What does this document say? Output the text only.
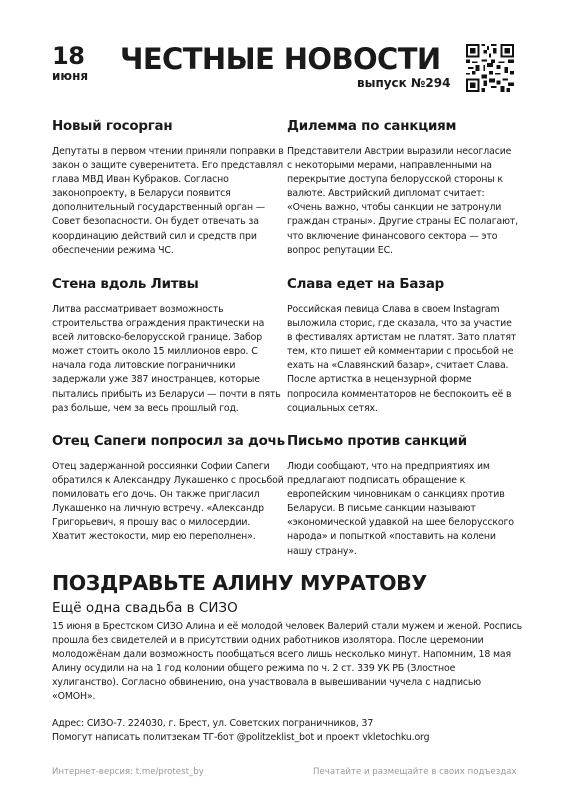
18
июня	ЧЕСТНЫЕ НОВОСТИ
выпуск №294
Новый госорган

Депутаты в первом чтении приняли поправки в закон о защите суверенитета. Его представлял глава МВД Иван Кубраков. Согласно законопроекту, в Беларуси появится дополнительный государственный орган — Совет безопасности. Он будет отвечать за координацию действий сил и средств при обеспечении режима ЧС.

Дилемма по санкциям

Представители Австрии выразили несогласие с некоторыми мерами, направленными на перекрытие доступа белорусской стороны к валюте. Австрийский дипломат считает: «Очень важно, чтобы санкции не затронули граждан страны». Другие страны ЕС полагают, что включение финансового сектора — это вопрос репутации ЕС.

Стена вдоль Литвы

Литва рассматривает возможность строительства ограждения практически на всей литовско-белорусской границе. Забор может стоить около 15 миллионов евро. С начала года литовские пограничники задержали уже 387 иностранцев, которые пытались прибыть из Беларуси — почти в пять раз больше, чем за весь прошлый год.

Слава едет на Базар

Российская певица Слава в своем Instagram выложила сторис, где сказала, что за участие в фестивалях артистам не платят. Зато платят тем, кто пишет ей комментарии с просьбой не ехать на «Славянский базар», считает Слава. После артистка в нецензурной форме попросила комментаторов не беспокоить её в социальных сетях.

Отец Сапеги попросил за дочь

Отец задержанной россиянки Софии Сапеги обратился к Александру Лукашенко с просьбой помиловать его дочь. Он также пригласил Лукашенко на личную встречу. «Александр Григорьевич, я прошу вас о милосердии. Хватит жестокости, мир ею переполнен».

Письмо против санкций

Люди сообщают, что на предприятиях им предлагают подписать обращение к европейским чиновникам о санкциях против Беларуси. В письме санкции называют «экономической удавкой на шее белорусского народа» и попыткой «поставить на колени нашу страну».

ПОЗДРАВЬТЕ АЛИНУ МУРАТОВУ
Ещё одна свадьба в СИЗО

15 июня в Брестском СИЗО Алина и её молодой человек Валерий стали мужем и женой. Роспись прошла без свидетелей и в присутствии одних работников изолятора. После церемонии молодожёнам дали возможность пообщаться всего лишь несколько минут. Напомним, 18 мая Алину осудили на на 1 год колонии общего режима по ч. 2 ст. 339 УК РБ (Злостное хулиганство). Согласно обвинению, она участвовала в вывешивании чучела с надписью «ОМОН».

Адрес: СИЗО-7. 224030, г. Брест, ул. Советских пограничников, 37
Помогут написать политзекам ТГ-бот @politzeklist_bot и проект vkletochku.org
Интернет-версия: t.me/protest_by	Печатайте и размещайте в своих подъездах
